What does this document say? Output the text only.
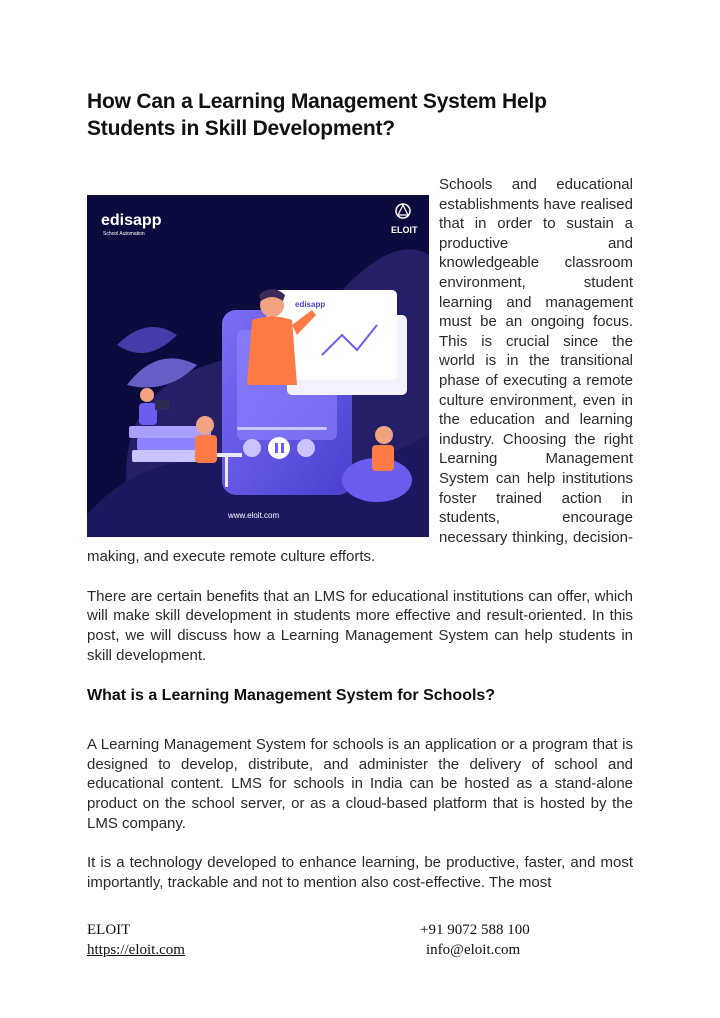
How Can a Learning Management System Help
Students in Skill Development?

edisapp
School Automation	ELOIT
edisapp
www.eloit.com
Schools and educational establishments have realised that in order to sustain a productive and knowledgeable classroom environment, student learning and management must be an ongoing focus. This is crucial since the world is in the transitional phase of executing a remote culture environment, even in the education and learning industry. Choosing the right Learning Management System can help institutions foster trained action in students, encourage necessary thinking, decision-making, and execute remote culture efforts.

There are certain benefits that an LMS for educational institutions can offer, which will make skill development in students more effective and result-oriented. In this post, we will discuss how a Learning Management System can help students in skill development.

What is a Learning Management System for Schools?

A Learning Management System for schools is an application or a program that is designed to develop, distribute, and administer the delivery of school and educational content. LMS for schools in India can be hosted as a stand-alone product on the school server, or as a cloud-based platform that is hosted by the LMS company.

It is a technology developed to enhance learning, be productive, faster, and most importantly, trackable and not to mention also cost-effective. The most

ELOIT
https://eloit.com
+91 9072 588 100
info@eloit.com
